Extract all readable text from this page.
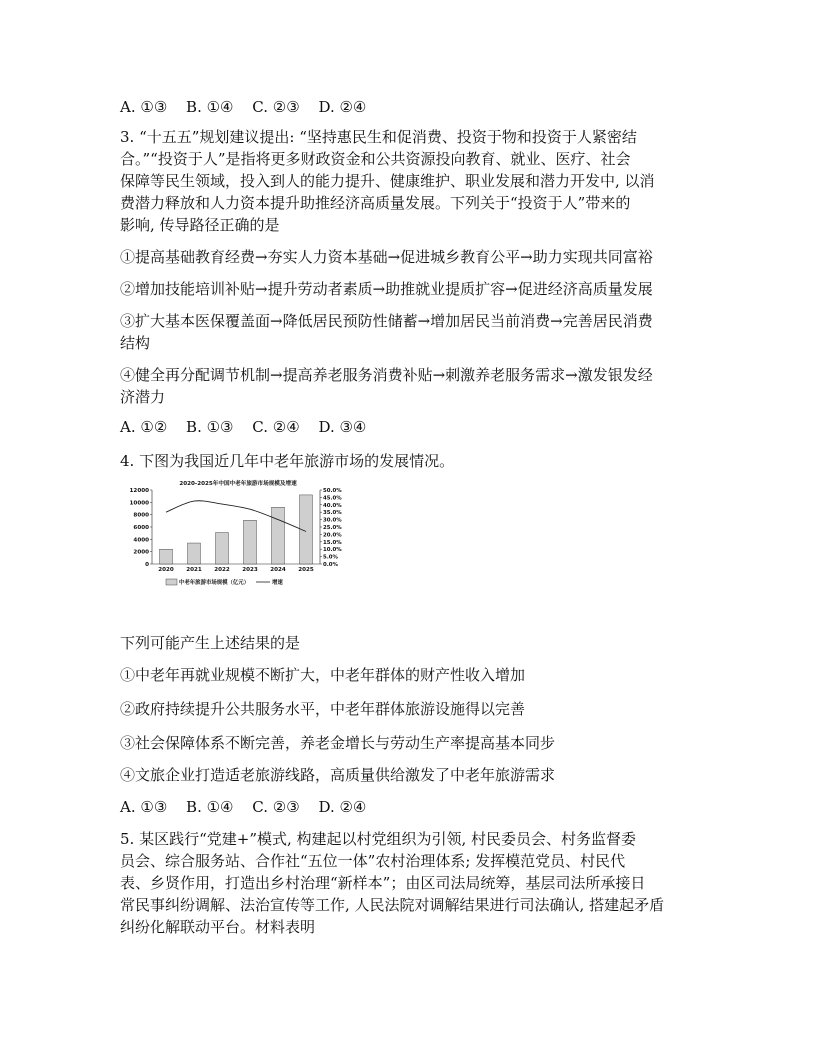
A. ①③ B. ①④ C. ②③ D. ②④
3. “十五五”规划建议提出: “坚持惠民生和促消费、投资于物和投资于人紧密结
合。”“投资于人”是指将更多财政资金和公共资源投向教育、就业、医疗、社会
保障等民生领域，投入到人的能力提升、健康维护、职业发展和潜力开发中, 以消
费潜力释放和人力资本提升助推经济高质量发展。下列关于“投资于人”带来的
影响, 传导路径正确的是
①提高基础教育经费→夯实人力资本基础→促进城乡教育公平→助力实现共同富裕
②增加技能培训补贴→提升劳动者素质→助推就业提质扩容→促进经济高质量发展
③扩大基本医保覆盖面→降低居民预防性储蓄→增加居民当前消费→完善居民消费
结构
④健全再分配调节机制→提高养老服务消费补贴→刺激养老服务需求→激发银发经
济潜力
A. ①② B. ①③ C. ②④ D. ③④
4. 下图为我国近几年中老年旅游市场的发展情况。
2020-2025年中国中老年旅游市场规模及增速
0
2000
4000
6000
8000
10000
12000
0.0%
5.0%
10.0%
15.0%
20.0%
25.0%
30.0%
35.0%
40.0%
45.0%
50.0%
2020 2021 2022 2023 2024 2025
中老年旅游市场规模（亿元）	增速
下列可能产生上述结果的是
①中老年再就业规模不断扩大，中老年群体的财产性收入增加
②政府持续提升公共服务水平，中老年群体旅游设施得以完善
③社会保障体系不断完善，养老金增长与劳动生产率提高基本同步
④文旅企业打造适老旅游线路，高质量供给激发了中老年旅游需求
A. ①③ B. ①④ C. ②③ D. ②④
5. 某区践行“党建+”模式, 构建起以村党组织为引领, 村民委员会、村务监督委
员会、综合服务站、合作社“五位一体”农村治理体系; 发挥模范党员、村民代
表、乡贤作用，打造出乡村治理“新样本”；由区司法局统筹，基层司法所承接日
常民事纠纷调解、法治宣传等工作, 人民法院对调解结果进行司法确认, 搭建起矛盾
纠纷化解联动平台。材料表明
